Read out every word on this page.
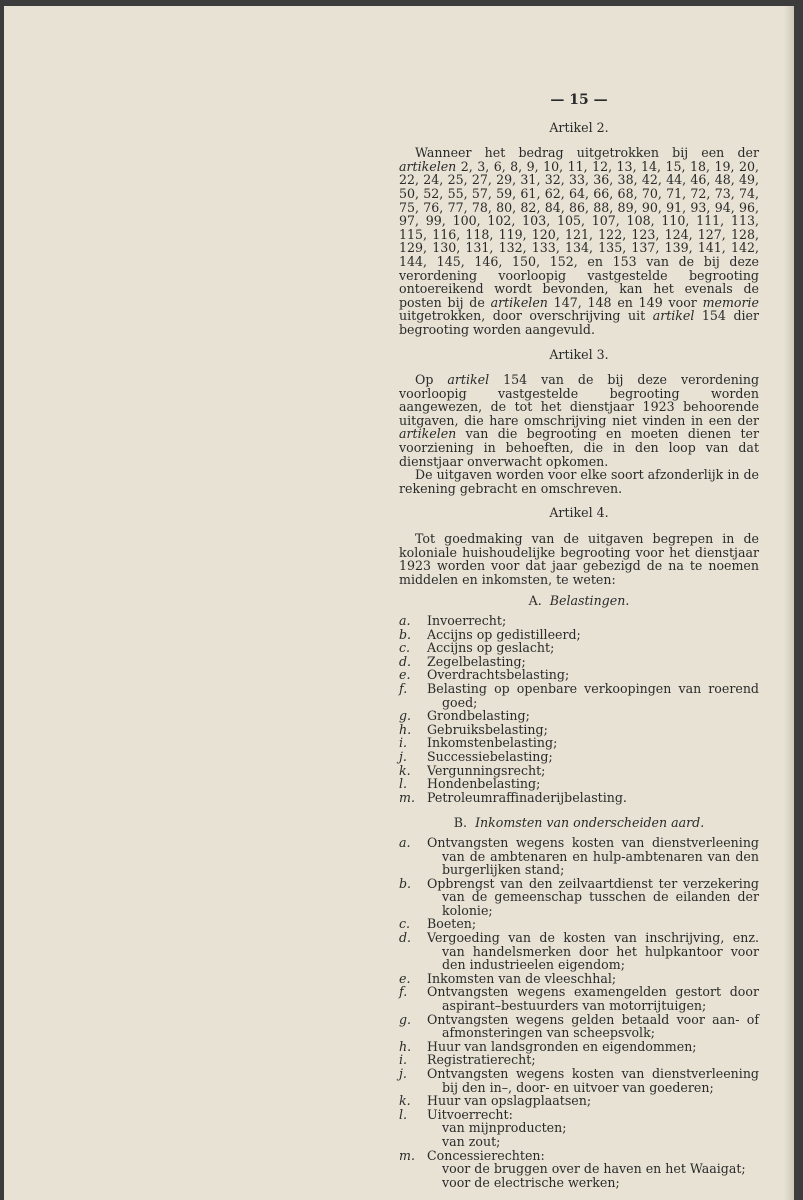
— 15 —
Artikel 2.

Wanneer het bedrag uitgetrokken bij een der artikelen 2, 3, 6, 8, 9, 10, 11, 12, 13, 14, 15, 18, 19, 20, 22, 24, 25, 27, 29, 31, 32, 33, 36, 38, 42, 44, 46, 48, 49, 50, 52, 55, 57, 59, 61, 62, 64, 66, 68, 70, 71, 72, 73, 74, 75, 76, 77, 78, 80, 82, 84, 86, 88, 89, 90, 91, 93, 94, 96, 97, 99, 100, 102, 103, 105, 107, 108, 110, 111, 113, 115, 116, 118, 119, 120, 121, 122, 123, 124, 127, 128, 129, 130, 131, 132, 133, 134, 135, 137, 139, 141, 142, 144, 145, 146, 150, 152, en 153 van de bij deze verordening voorloopig vastgestelde begrooting ontoereikend wordt bevonden, kan het evenals de posten bij de artikelen 147, 148 en 149 voor memorie uitgetrokken, door overschrijving uit artikel 154 dier begrooting worden aangevuld.

Artikel 3.

Op artikel 154 van de bij deze verordening voorloopig vastgestelde begrooting worden aangewezen, de tot het dienstjaar 1923 behoorende uitgaven, die hare omschrijving niet vinden in een der artikelen van die begrooting en moeten dienen ter voorziening in behoeften, die in den loop van dat dienstjaar onverwacht opkomen.

De uitgaven worden voor elke soort afzonderlijk in de rekening gebracht en omschreven.

Artikel 4.

Tot goedmaking van de uitgaven begrepen in de koloniale huishoudelijke begrooting voor het dienstjaar 1923 worden voor dat jaar gebezigd de na te noemen middelen en inkomsten, te weten:

A. Belastingen.
a. Invoerrecht;
b. Accijns op gedistilleerd;
c. Accijns op geslacht;
d. Zegelbelasting;
e. Overdrachtsbelasting;
f. Belasting op openbare verkoopingen van roerend goed;
g. Grondbelasting;
h. Gebruiksbelasting;
i. Inkomstenbelasting;
j. Successiebelasting;
k. Vergunningsrecht;
l. Hondenbelasting;
m. Petroleumraffinaderijbelasting.
B. Inkomsten van onderscheiden aard.
a. Ontvangsten wegens kosten van dienstverleening van de ambtenaren en hulp-ambtenaren van den burgerlijken stand;
b. Opbrengst van den zeilvaartdienst ter verzekering van de gemeenschap tusschen de eilanden der kolonie;
c. Boeten;
d. Vergoeding van de kosten van inschrijving, enz. van handelsmerken door het hulpkantoor voor den industrieelen eigendom;
e. Inkomsten van de vleeschhal;
f. Ontvangsten wegens examengelden gestort door aspirant–bestuurders van motorrijtuigen;
g. Ontvangsten wegens gelden betaald voor aan- of afmonsteringen van scheepsvolk;
h. Huur van landsgronden en eigendommen;
i. Registratierecht;
j. Ontvangsten wegens kosten van dienstverleening bij den in–, door- en uitvoer van goederen;
k. Huur van opslagplaatsen;
l. Uitvoerrecht:
van mijnproducten;
van zout;
m. Concessierechten:
voor de bruggen over de haven en het Waaigat;
voor de electrische werken;
